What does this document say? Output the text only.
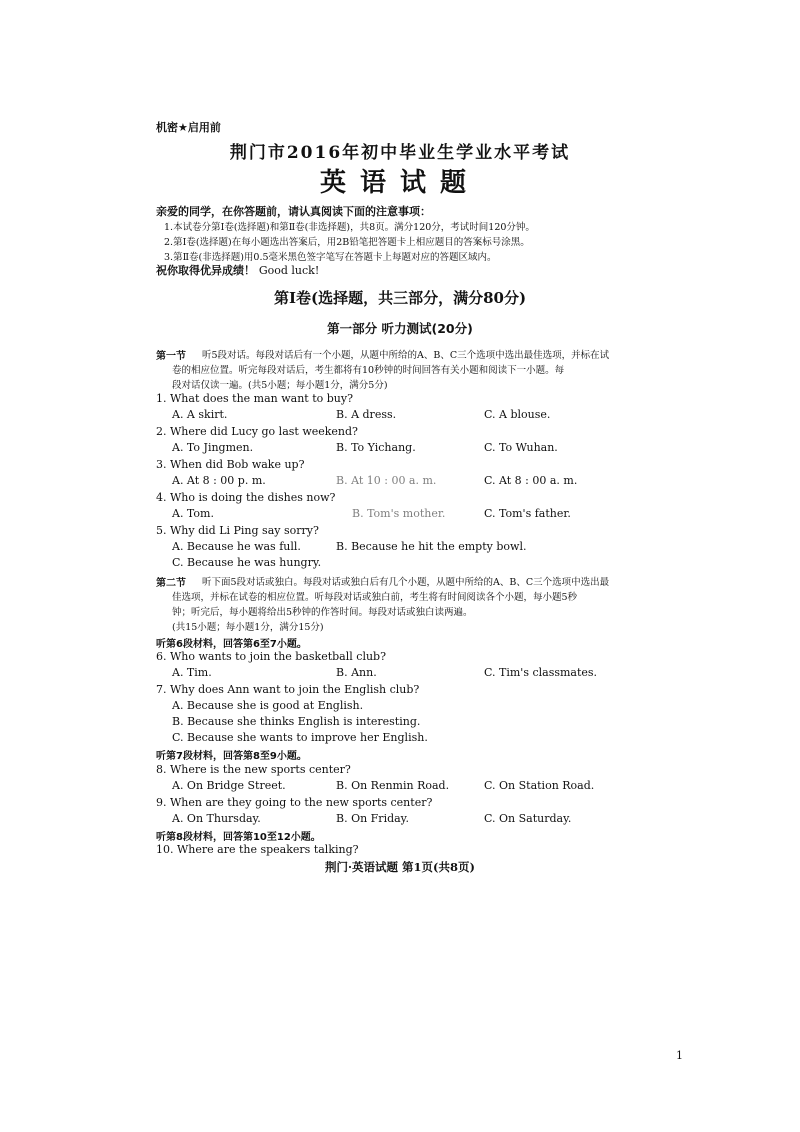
机密★启用前
荆门市2016年初中毕业生学业水平考试
英语试题
亲爱的同学，在你答题前，请认真阅读下面的注意事项：
1.本试卷分第Ⅰ卷(选择题)和第Ⅱ卷(非选择题)，共8页。满分120分，考试时间120分钟。
2.第Ⅰ卷(选择题)在每小题选出答案后，用2B铅笔把答题卡上相应题目的答案标号涂黑。
3.第Ⅱ卷(非选择题)用0.5毫米黑色签字笔写在答题卡上每题对应的答题区域内。
祝你取得优异成绩！ Good luck!
第Ⅰ卷(选择题，共三部分，满分80分)
第一部分 听力测试(20分)
第一节 听5段对话。每段对话后有一个小题，从题中所给的A、B、C三个选项中选出最佳选项，并标在试
卷的相应位置。听完每段对话后，考生都将有10秒钟的时间回答有关小题和阅读下一小题。每
段对话仅读一遍。(共5小题；每小题1分，满分5分)
1. What does the man want to buy?
A. A skirt.	B. A dress.	C. A blouse.
2. Where did Lucy go last weekend?
A. To Jingmen.	B. To Yichang.	C. To Wuhan.
3. When did Bob wake up?
A. At 8 : 00 p. m.	B. At 10 : 00 a. m.	C. At 8 : 00 a. m.
4. Who is doing the dishes now?
A. Tom.	B. Tom's mother.	C. Tom's father.
5. Why did Li Ping say sorry?
A. Because he was full.	B. Because he hit the empty bowl.
C. Because he was hungry.
第二节 听下面5段对话或独白。每段对话或独白后有几个小题，从题中所给的A、B、C三个选项中选出最
佳选项，并标在试卷的相应位置。听每段对话或独白前，考生将有时间阅读各个小题，每小题5秒
钟；听完后，每小题将给出5秒钟的作答时间。每段对话或独白读两遍。
(共15小题；每小题1分，满分15分)
听第6段材料，回答第6至7小题。
6. Who wants to join the basketball club?
A. Tim.	B. Ann.	C. Tim's classmates.
7. Why does Ann want to join the English club?
A. Because she is good at English.
B. Because she thinks English is interesting.
C. Because she wants to improve her English.
听第7段材料，回答第8至9小题。
8. Where is the new sports center?
A. On Bridge Street.	B. On Renmin Road.	C. On Station Road.
9. When are they going to the new sports center?
A. On Thursday.	B. On Friday.	C. On Saturday.
听第8段材料，回答第10至12小题。
10. Where are the speakers talking?
荆门·英语试题 第1页(共8页)
1
